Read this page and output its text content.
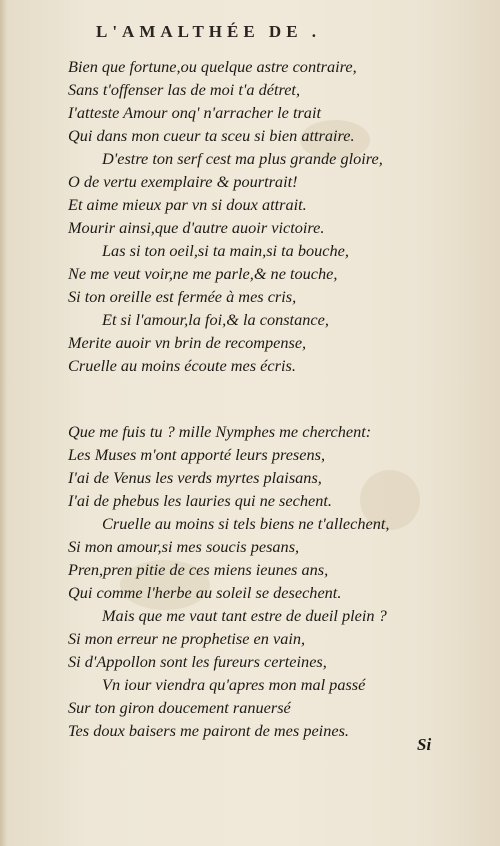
L'AMALTHÉE DE .
Bien que fortune,ou quelque astre contraire,
Sans t'offenser las de moi t'a détret,
I'atteste Amour onq' n'arracher le trait
Qui dans mon cueur ta sceu si bien attraire.
D'estre ton serf cest ma plus grande gloire,
O de vertu exemplaire & pourtrait!
Et aime mieux par vn si doux attrait.
Mourir ainsi,que d'autre auoir victoire.
Las si ton oeil,si ta main,si ta bouche,
Ne me veut voir,ne me parle,& ne touche,
Si ton oreille est fermée à mes cris,
Et si l'amour,la foi,& la constance,
Merite auoir vn brin de recompense,
Cruelle au moins écoute mes écris.
Que me fuis tu ? mille Nymphes me cherchent:
Les Muses m'ont apporté leurs presens,
I'ai de Venus les verds myrtes plaisans,
I'ai de phebus les lauries qui ne sechent.
Cruelle au moins si tels biens ne t'allechent,
Si mon amour,si mes soucis pesans,
Pren,pren pitie de ces miens ieunes ans,
Qui comme l'herbe au soleil se desechent.
Mais que me vaut tant estre de dueil plein ?
Si mon erreur ne prophetise en vain,
Si d'Appollon sont les fureurs certeines,
Vn iour viendra qu'apres mon mal passé
Sur ton giron doucement ranuersé
Tes doux baisers me pairont de mes peines.
Si
